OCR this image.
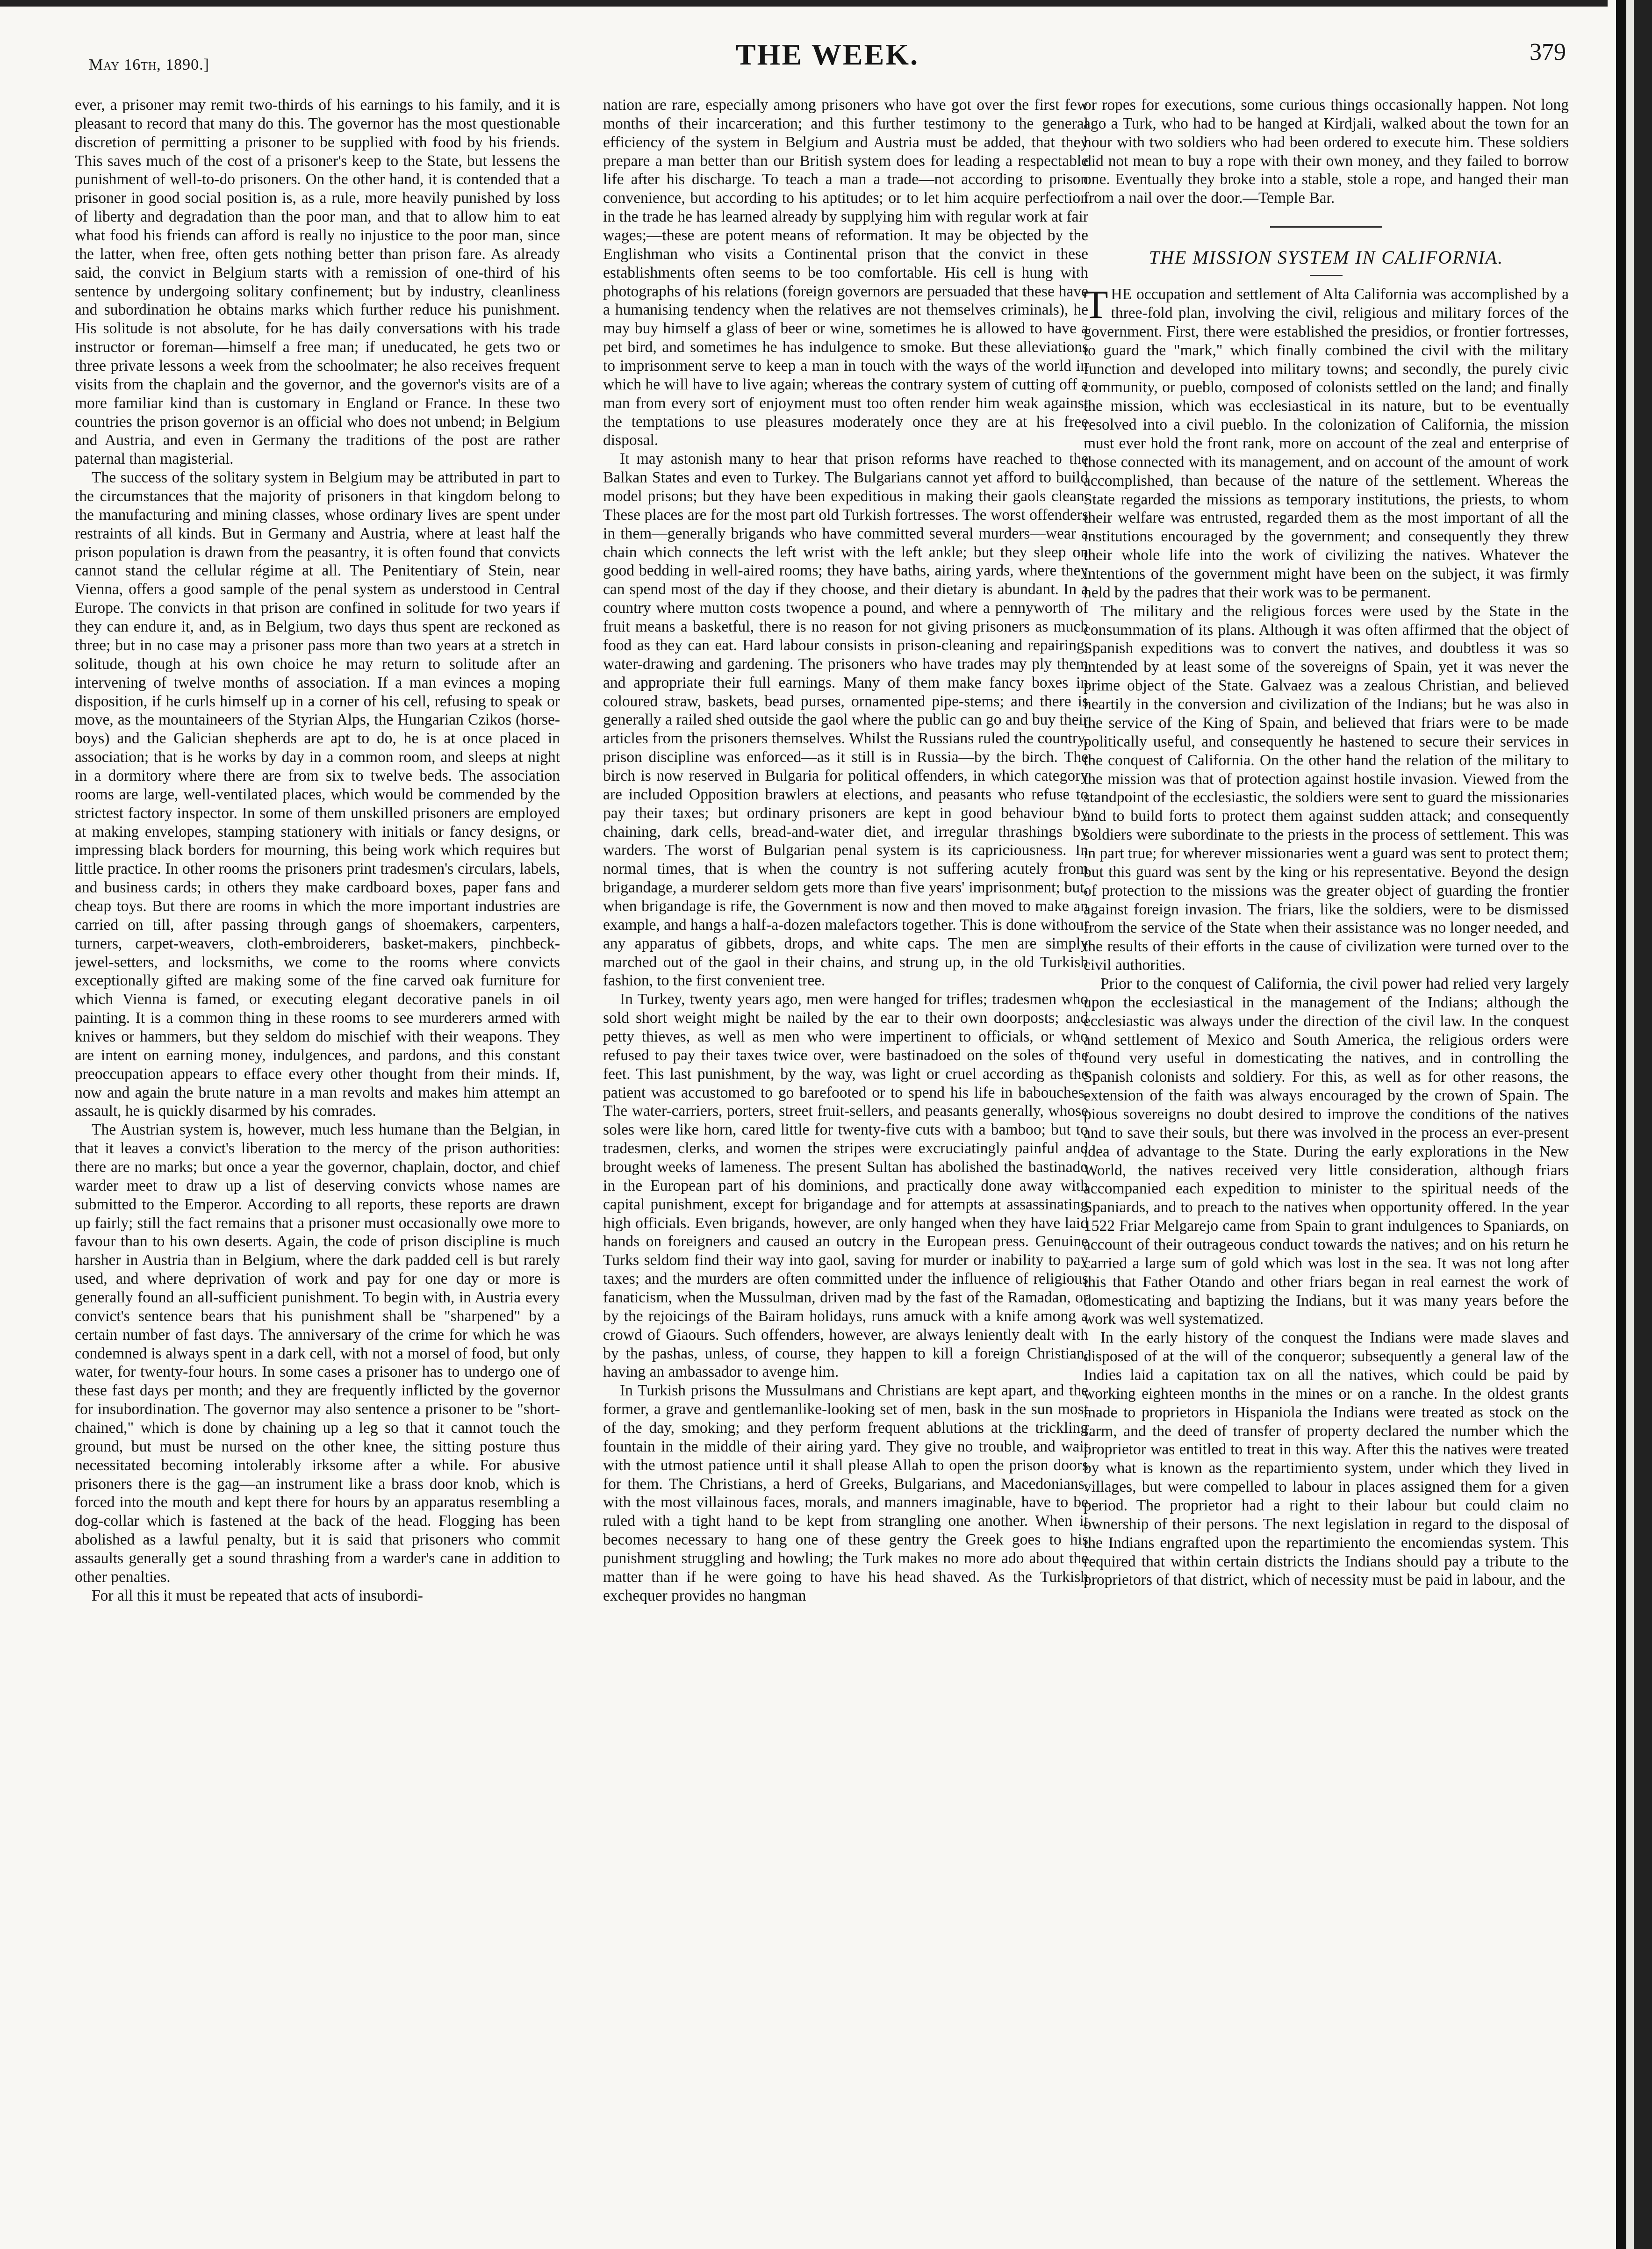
May 16th, 1890.]	THE WEEK.	379

ever, a prisoner may remit two-thirds of his earnings to his family, and it is pleasant to record that many do this. The governor has the most questionable discretion of permitting a prisoner to be supplied with food by his friends. This saves much of the cost of a prisoner's keep to the State, but lessens the punishment of well-to-do prisoners. On the other hand, it is contended that a prisoner in good social position is, as a rule, more heavily punished by loss of liberty and degradation than the poor man, and that to allow him to eat what food his friends can afford is really no injustice to the poor man, since the latter, when free, often gets nothing better than prison fare. As already said, the convict in Belgium starts with a remission of one-third of his sentence by undergoing solitary confinement; but by industry, cleanliness and subordination he obtains marks which further reduce his punishment. His solitude is not absolute, for he has daily conversations with his trade instructor or foreman—himself a free man; if uneducated, he gets two or three private lessons a week from the schoolmater; he also receives frequent visits from the chaplain and the governor, and the governor's visits are of a more familiar kind than is customary in England or France. In these two countries the prison governor is an official who does not unbend; in Belgium and Austria, and even in Germany the traditions of the post are rather paternal than magisterial.

The success of the solitary system in Belgium may be attributed in part to the circumstances that the majority of prisoners in that kingdom belong to the manufacturing and mining classes, whose ordinary lives are spent under restraints of all kinds. But in Germany and Austria, where at least half the prison population is drawn from the peasantry, it is often found that convicts cannot stand the cellular régime at all. The Penitentiary of Stein, near Vienna, offers a good sample of the penal system as understood in Central Europe. The convicts in that prison are confined in solitude for two years if they can endure it, and, as in Belgium, two days thus spent are reckoned as three; but in no case may a prisoner pass more than two years at a stretch in solitude, though at his own choice he may return to solitude after an intervening of twelve months of association. If a man evinces a moping disposition, if he curls himself up in a corner of his cell, refusing to speak or move, as the mountaineers of the Styrian Alps, the Hungarian Czikos (horse-boys) and the Galician shepherds are apt to do, he is at once placed in association; that is he works by day in a common room, and sleeps at night in a dormitory where there are from six to twelve beds. The association rooms are large, well-ventilated places, which would be commended by the strictest factory inspector. In some of them unskilled prisoners are employed at making envelopes, stamping stationery with initials or fancy designs, or impressing black borders for mourning, this being work which requires but little practice. In other rooms the prisoners print tradesmen's circulars, labels, and business cards; in others they make cardboard boxes, paper fans and cheap toys. But there are rooms in which the more important industries are carried on till, after passing through gangs of shoemakers, carpenters, turners, carpet-weavers, cloth-embroiderers, basket-makers, pinchbeck-jewel-setters, and locksmiths, we come to the rooms where convicts exceptionally gifted are making some of the fine carved oak furniture for which Vienna is famed, or executing elegant decorative panels in oil painting. It is a common thing in these rooms to see murderers armed with knives or hammers, but they seldom do mischief with their weapons. They are intent on earning money, indulgences, and pardons, and this constant preoccupation appears to efface every other thought from their minds. If, now and again the brute nature in a man revolts and makes him attempt an assault, he is quickly disarmed by his comrades.

The Austrian system is, however, much less humane than the Belgian, in that it leaves a convict's liberation to the mercy of the prison authorities: there are no marks; but once a year the governor, chaplain, doctor, and chief warder meet to draw up a list of deserving convicts whose names are submitted to the Emperor. According to all reports, these reports are drawn up fairly; still the fact remains that a prisoner must occasionally owe more to favour than to his own deserts. Again, the code of prison discipline is much harsher in Austria than in Belgium, where the dark padded cell is but rarely used, and where deprivation of work and pay for one day or more is generally found an all-sufficient punishment. To begin with, in Austria every convict's sentence bears that his punishment shall be "sharpened" by a certain number of fast days. The anniversary of the crime for which he was condemned is always spent in a dark cell, with not a morsel of food, but only water, for twenty-four hours. In some cases a prisoner has to undergo one of these fast days per month; and they are frequently inflicted by the governor for insubordination. The governor may also sentence a prisoner to be "short-chained," which is done by chaining up a leg so that it cannot touch the ground, but must be nursed on the other knee, the sitting posture thus necessitated becoming intolerably irksome after a while. For abusive prisoners there is the gag—an instrument like a brass door knob, which is forced into the mouth and kept there for hours by an apparatus resembling a dog-collar which is fastened at the back of the head. Flogging has been abolished as a lawful penalty, but it is said that prisoners who commit assaults generally get a sound thrashing from a warder's cane in addition to other penalties.

For all this it must be repeated that acts of insubordi-

nation are rare, especially among prisoners who have got over the first few months of their incarceration; and this further testimony to the general efficiency of the system in Belgium and Austria must be added, that they prepare a man better than our British system does for leading a respectable life after his discharge. To teach a man a trade—not according to prison convenience, but according to his aptitudes; or to let him acquire perfection in the trade he has learned already by supplying him with regular work at fair wages;—these are potent means of reformation. It may be objected by the Englishman who visits a Continental prison that the convict in these establishments often seems to be too comfortable. His cell is hung with photographs of his relations (foreign governors are persuaded that these have a humanising tendency when the relatives are not themselves criminals), he may buy himself a glass of beer or wine, sometimes he is allowed to have a pet bird, and sometimes he has indulgence to smoke. But these alleviations to imprisonment serve to keep a man in touch with the ways of the world in which he will have to live again; whereas the contrary system of cutting off a man from every sort of enjoyment must too often render him weak against the temptations to use pleasures moderately once they are at his free disposal.

It may astonish many to hear that prison reforms have reached to the Balkan States and even to Turkey. The Bulgarians cannot yet afford to build model prisons; but they have been expeditious in making their gaols clean. These places are for the most part old Turkish fortresses. The worst offenders in them—generally brigands who have committed several murders—wear a chain which connects the left wrist with the left ankle; but they sleep on good bedding in well-aired rooms; they have baths, airing yards, where they can spend most of the day if they choose, and their dietary is abundant. In a country where mutton costs twopence a pound, and where a pennyworth of fruit means a basketful, there is no reason for not giving prisoners as much food as they can eat. Hard labour consists in prison-cleaning and repairing, water-drawing and gardening. The prisoners who have trades may ply them and appropriate their full earnings. Many of them make fancy boxes in coloured straw, baskets, bead purses, ornamented pipe-stems; and there is generally a railed shed outside the gaol where the public can go and buy their articles from the prisoners themselves. Whilst the Russians ruled the country, prison discipline was enforced—as it still is in Russia—by the birch. The birch is now reserved in Bulgaria for political offenders, in which category are included Opposition brawlers at elections, and peasants who refuse to pay their taxes; but ordinary prisoners are kept in good behaviour by chaining, dark cells, bread-and-water diet, and irregular thrashings by warders. The worst of Bulgarian penal system is its capriciousness. In normal times, that is when the country is not suffering acutely from brigandage, a murderer seldom gets more than five years' imprisonment; but, when brigandage is rife, the Government is now and then moved to make an example, and hangs a half-a-dozen malefactors together. This is done without any apparatus of gibbets, drops, and white caps. The men are simply marched out of the gaol in their chains, and strung up, in the old Turkish fashion, to the first convenient tree.

In Turkey, twenty years ago, men were hanged for trifles; tradesmen who sold short weight might be nailed by the ear to their own doorposts; and petty thieves, as well as men who were impertinent to officials, or who refused to pay their taxes twice over, were bastinadoed on the soles of the feet. This last punishment, by the way, was light or cruel according as the patient was accustomed to go barefooted or to spend his life in babouches. The water-carriers, porters, street fruit-sellers, and peasants generally, whose soles were like horn, cared little for twenty-five cuts with a bamboo; but to tradesmen, clerks, and women the stripes were excruciatingly painful and brought weeks of lameness. The present Sultan has abolished the bastinado in the European part of his dominions, and practically done away with capital punishment, except for brigandage and for attempts at assassinating high officials. Even brigands, however, are only hanged when they have laid hands on foreigners and caused an outcry in the European press. Genuine Turks seldom find their way into gaol, saving for murder or inability to pay taxes; and the murders are often committed under the influence of religious fanaticism, when the Mussulman, driven mad by the fast of the Ramadan, or by the rejoicings of the Bairam holidays, runs amuck with a knife among a crowd of Giaours. Such offenders, however, are always leniently dealt with by the pashas, unless, of course, they happen to kill a foreign Christian, having an ambassador to avenge him.

In Turkish prisons the Mussulmans and Christians are kept apart, and the former, a grave and gentlemanlike-looking set of men, bask in the sun most of the day, smoking; and they perform frequent ablutions at the trickling fountain in the middle of their airing yard. They give no trouble, and wait with the utmost patience until it shall please Allah to open the prison doors for them. The Christians, a herd of Greeks, Bulgarians, and Macedonians, with the most villainous faces, morals, and manners imaginable, have to be ruled with a tight hand to be kept from strangling one another. When it becomes necessary to hang one of these gentry the Greek goes to his punishment struggling and howling; the Turk makes no more ado about the matter than if he were going to have his head shaved. As the Turkish exchequer provides no hangman

or ropes for executions, some curious things occasionally happen. Not long ago a Turk, who had to be hanged at Kirdjali, walked about the town for an hour with two soldiers who had been ordered to execute him. These soldiers did not mean to buy a rope with their own money, and they failed to borrow one. Eventually they broke into a stable, stole a rope, and hanged their man from a nail over the door.—Temple Bar.

THE MISSION SYSTEM IN CALIFORNIA.

THE occupation and settlement of Alta California was accomplished by a three-fold plan, involving the civil, religious and military forces of the government. First, there were established the presidios, or frontier fortresses, to guard the "mark," which finally combined the civil with the military function and developed into military towns; and secondly, the purely civic community, or pueblo, composed of colonists settled on the land; and finally the mission, which was ecclesiastical in its nature, but to be eventually resolved into a civil pueblo. In the colonization of California, the mission must ever hold the front rank, more on account of the zeal and enterprise of those connected with its management, and on account of the amount of work accomplished, than because of the nature of the settlement. Whereas the State regarded the missions as temporary institutions, the priests, to whom their welfare was entrusted, regarded them as the most important of all the institutions encouraged by the government; and consequently they threw their whole life into the work of civilizing the natives. Whatever the intentions of the government might have been on the subject, it was firmly held by the padres that their work was to be permanent.

The military and the religious forces were used by the State in the consummation of its plans. Although it was often affirmed that the object of Spanish expeditions was to convert the natives, and doubtless it was so intended by at least some of the sovereigns of Spain, yet it was never the prime object of the State. Galvaez was a zealous Christian, and believed heartily in the conversion and civilization of the Indians; but he was also in the service of the King of Spain, and believed that friars were to be made politically useful, and consequently he hastened to secure their services in the conquest of California. On the other hand the relation of the military to the mission was that of protection against hostile invasion. Viewed from the standpoint of the ecclesiastic, the soldiers were sent to guard the missionaries and to build forts to protect them against sudden attack; and consequently soldiers were subordinate to the priests in the process of settlement. This was in part true; for wherever missionaries went a guard was sent to protect them; but this guard was sent by the king or his representative. Beyond the design of protection to the missions was the greater object of guarding the frontier against foreign invasion. The friars, like the soldiers, were to be dismissed from the service of the State when their assistance was no longer needed, and the results of their efforts in the cause of civilization were turned over to the civil authorities.

Prior to the conquest of California, the civil power had relied very largely upon the ecclesiastical in the management of the Indians; although the ecclesiastic was always under the direction of the civil law. In the conquest and settlement of Mexico and South America, the religious orders were found very useful in domesticating the natives, and in controlling the Spanish colonists and soldiery. For this, as well as for other reasons, the extension of the faith was always encouraged by the crown of Spain. The pious sovereigns no doubt desired to improve the conditions of the natives and to save their souls, but there was involved in the process an ever-present idea of advantage to the State. During the early explorations in the New World, the natives received very little consideration, although friars accompanied each expedition to minister to the spiritual needs of the Spaniards, and to preach to the natives when opportunity offered. In the year 1522 Friar Melgarejo came from Spain to grant indulgences to Spaniards, on account of their outrageous conduct towards the natives; and on his return he carried a large sum of gold which was lost in the sea. It was not long after this that Father Otando and other friars began in real earnest the work of domesticating and baptizing the Indians, but it was many years before the work was well systematized.

In the early history of the conquest the Indians were made slaves and disposed of at the will of the conqueror; subsequently a general law of the Indies laid a capitation tax on all the natives, which could be paid by working eighteen months in the mines or on a ranche. In the oldest grants made to proprietors in Hispaniola the Indians were treated as stock on the farm, and the deed of transfer of property declared the number which the proprietor was entitled to treat in this way. After this the natives were treated by what is known as the repartimiento system, under which they lived in villages, but were compelled to labour in places assigned them for a given period. The proprietor had a right to their labour but could claim no ownership of their persons. The next legislation in regard to the disposal of the Indians engrafted upon the repartimiento the encomiendas system. This required that within certain districts the Indians should pay a tribute to the proprietors of that district, which of necessity must be paid in labour, and the
